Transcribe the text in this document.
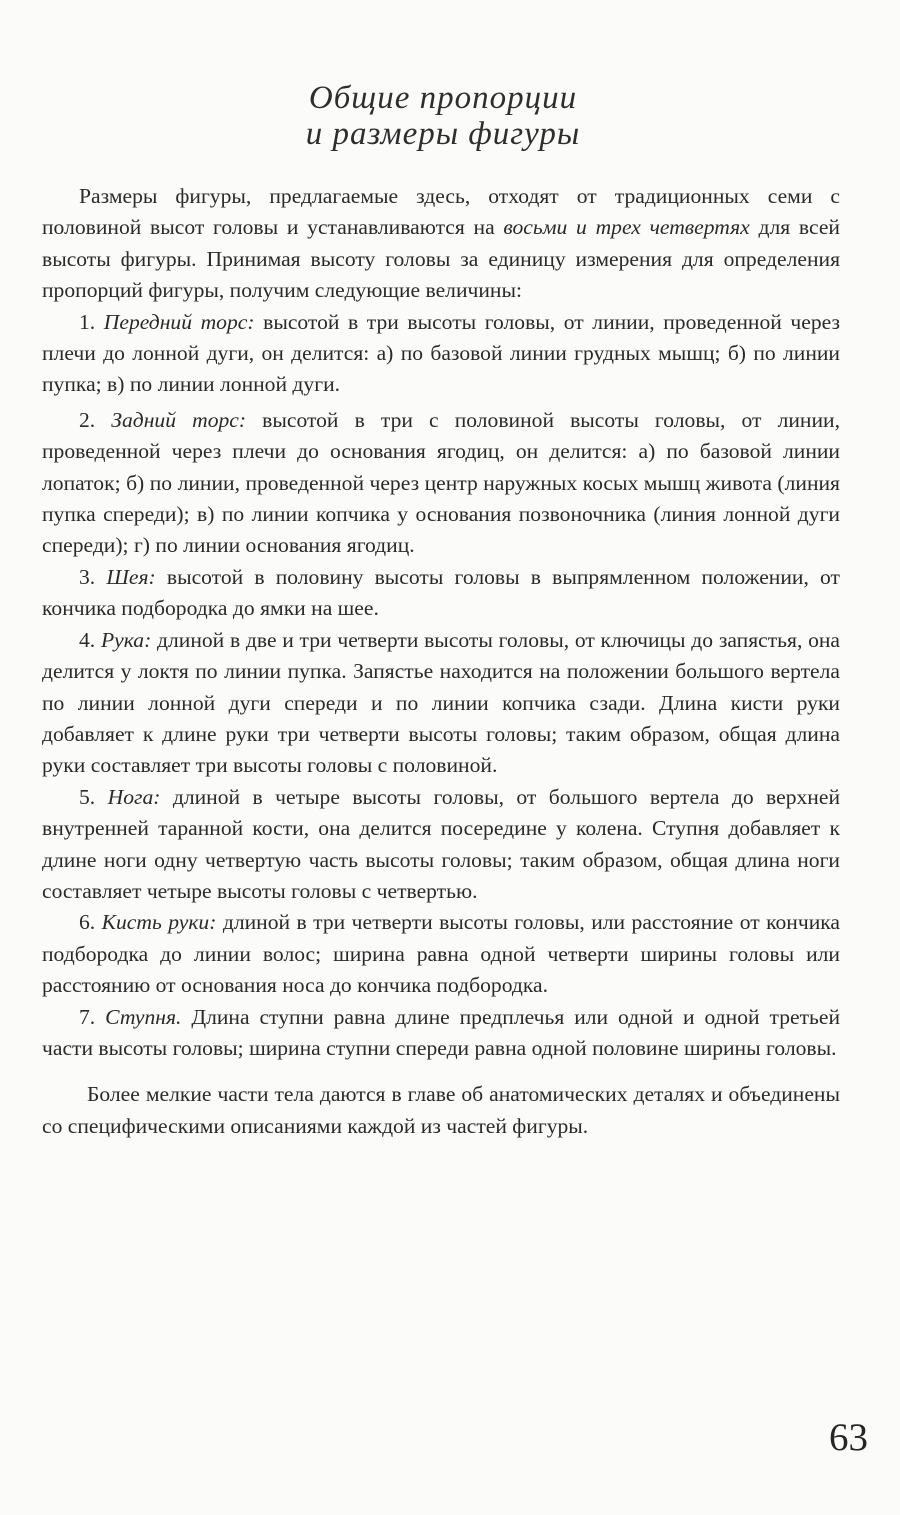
Общие пропорции
и размеры фигуры

Размеры фигуры, предлагаемые здесь, отходят от традиционных семи с половиной высот головы и устанавливаются на восьми и трех четвертях для всей высоты фигуры. Принимая высоту головы за единицу измерения для определения пропорций фигуры, получим следующие величины:

1. Передний торс: высотой в три высоты головы, от линии, проведенной через плечи до лонной дуги, он делится: а) по базовой линии грудных мышц; б) по линии пупка; в) по линии лонной дуги.

2. Задний торс: высотой в три с половиной высоты головы, от линии, проведенной через плечи до основания ягодиц, он делится: а) по базовой линии лопаток; б) по линии, проведенной через центр наружных косых мышц живота (линия пупка спереди); в) по линии копчика у основания позвоночника (линия лонной дуги спереди); г) по линии основания ягодиц.

3. Шея: высотой в половину высоты головы в выпрямленном положении, от кончика подбородка до ямки на шее.

4. Рука: длиной в две и три четверти высоты головы, от ключицы до запястья, она делится у локтя по линии пупка. Запястье находится на положении большого вертела по линии лонной дуги спереди и по линии копчика сзади. Длина кисти руки добавляет к длине руки три четверти высоты головы; таким образом, общая длина руки составляет три высоты головы с половиной.

5. Нога: длиной в четыре высоты головы, от большого вертела до верхней внутренней таранной кости, она делится посередине у колена. Ступня добавляет к длине ноги одну четвертую часть высоты головы; таким образом, общая длина ноги составляет четыре высоты головы с четвертью.

6. Кисть руки: длиной в три четверти высоты головы, или расстояние от кончика подбородка до линии волос; ширина равна одной четверти ширины головы или расстоянию от основания носа до кончика подбородка.

7. Ступня. Длина ступни равна длине предплечья или одной и одной третьей части высоты головы; ширина ступни спереди равна одной половине ширины головы.

Более мелкие части тела даются в главе об анатомических деталях и объединены со специфическими описаниями каждой из частей фигуры.

63
